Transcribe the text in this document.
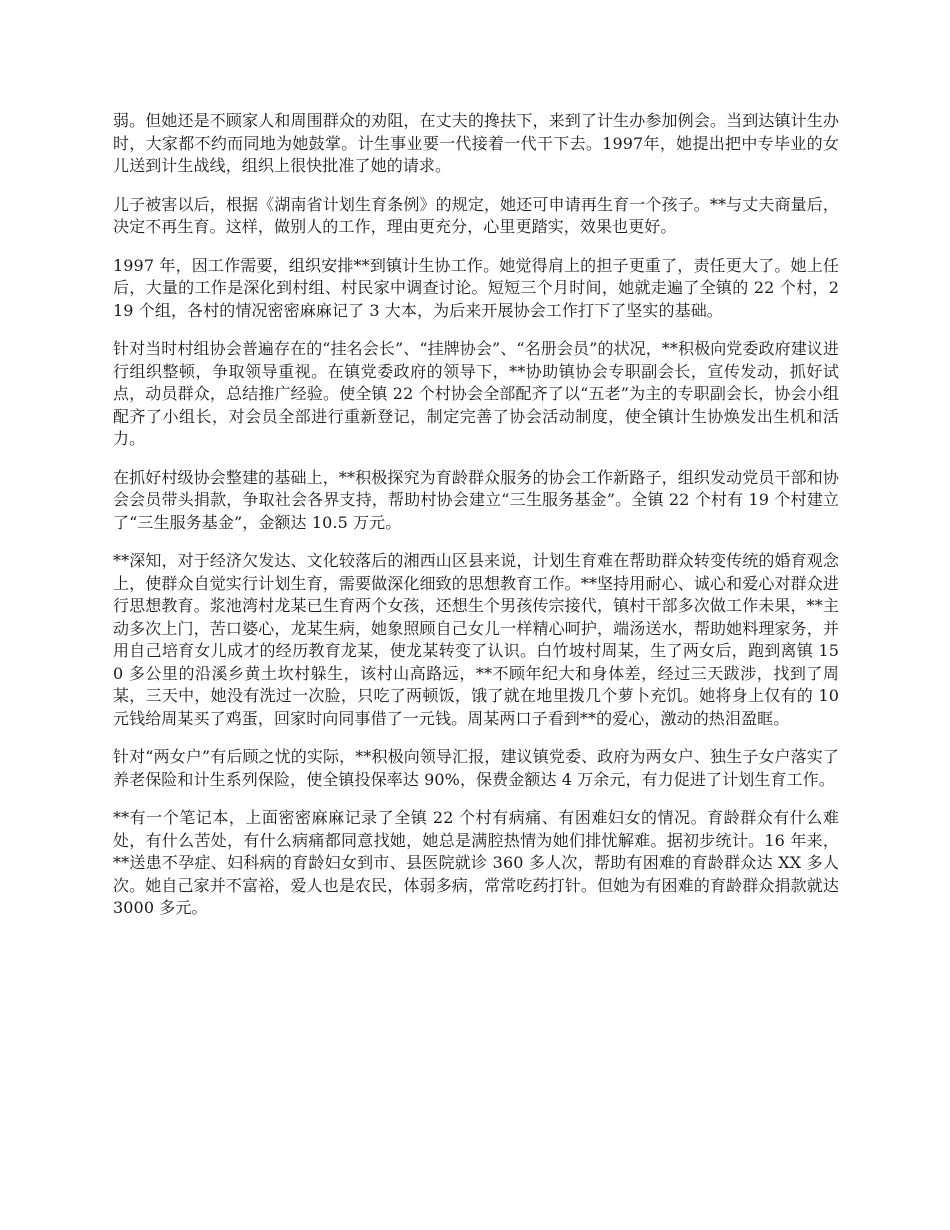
弱。但她还是不顾家人和周围群众的劝阻，在丈夫的搀扶下，来到了计生办参加例会。当到达镇计生办时，大家都不约而同地为她鼓掌。计生事业要一代接着一代干下去。1997年，她提出把中专毕业的女儿送到计生战线，组织上很快批准了她的请求。

儿子被害以后，根据《湖南省计划生育条例》的规定，她还可申请再生育一个孩子。**与丈夫商量后，决定不再生育。这样，做别人的工作，理由更充分，心里更踏实，效果也更好。

1997 年，因工作需要，组织安排**到镇计生协工作。她觉得肩上的担子更重了，责任更大了。她上任后，大量的工作是深化到村组、村民家中调查讨论。短短三个月时间，她就走遍了全镇的 22 个村，219 个组，各村的情况密密麻麻记了 3 大本，为后来开展协会工作打下了坚实的基础。

针对当时村组协会普遍存在的“挂名会长”、“挂牌协会”、“名册会员”的状况，**积极向党委政府建议进行组织整顿，争取领导重视。在镇党委政府的领导下，**协助镇协会专职副会长，宣传发动，抓好试点，动员群众，总结推广经验。使全镇 22 个村协会全部配齐了以“五老”为主的专职副会长，协会小组配齐了小组长，对会员全部进行重新登记，制定完善了协会活动制度，使全镇计生协焕发出生机和活力。

在抓好村级协会整建的基础上，**积极探究为育龄群众服务的协会工作新路子，组织发动党员干部和协会会员带头捐款，争取社会各界支持，帮助村协会建立“三生服务基金”。全镇 22 个村有 19 个村建立了“三生服务基金”，金额达 10.5 万元。

**深知，对于经济欠发达、文化较落后的湘西山区县来说，计划生育难在帮助群众转变传统的婚育观念上，使群众自觉实行计划生育，需要做深化细致的思想教育工作。**坚持用耐心、诚心和爱心对群众进行思想教育。浆池湾村龙某已生育两个女孩，还想生个男孩传宗接代，镇村干部多次做工作未果，**主动多次上门，苦口婆心，龙某生病，她象照顾自己女儿一样精心呵护，端汤送水，帮助她料理家务，并用自己培育女儿成才的经历教育龙某，使龙某转变了认识。白竹坡村周某，生了两女后，跑到离镇 150 多公里的沿溪乡黄土坎村躲生，该村山高路远，**不顾年纪大和身体差，经过三天跋涉，找到了周某，三天中，她没有洗过一次脸，只吃了两顿饭，饿了就在地里拨几个萝卜充饥。她将身上仅有的 10 元钱给周某买了鸡蛋，回家时向同事借了一元钱。周某两口子看到**的爱心，激动的热泪盈眶。

针对“两女户”有后顾之忧的实际，**积极向领导汇报，建议镇党委、政府为两女户、独生子女户落实了养老保险和计生系列保险，使全镇投保率达 90%，保费金额达 4 万余元，有力促进了计划生育工作。

**有一个笔记本，上面密密麻麻记录了全镇 22 个村有病痛、有困难妇女的情况。育龄群众有什么难处，有什么苦处，有什么病痛都同意找她，她总是满腔热情为她们排忧解难。据初步统计。16 年来，**送患不孕症、妇科病的育龄妇女到市、县医院就诊 360 多人次，帮助有困难的育龄群众达 XX 多人次。她自己家并不富裕，爱人也是农民，体弱多病，常常吃药打针。但她为有困难的育龄群众捐款就达 3000 多元。
